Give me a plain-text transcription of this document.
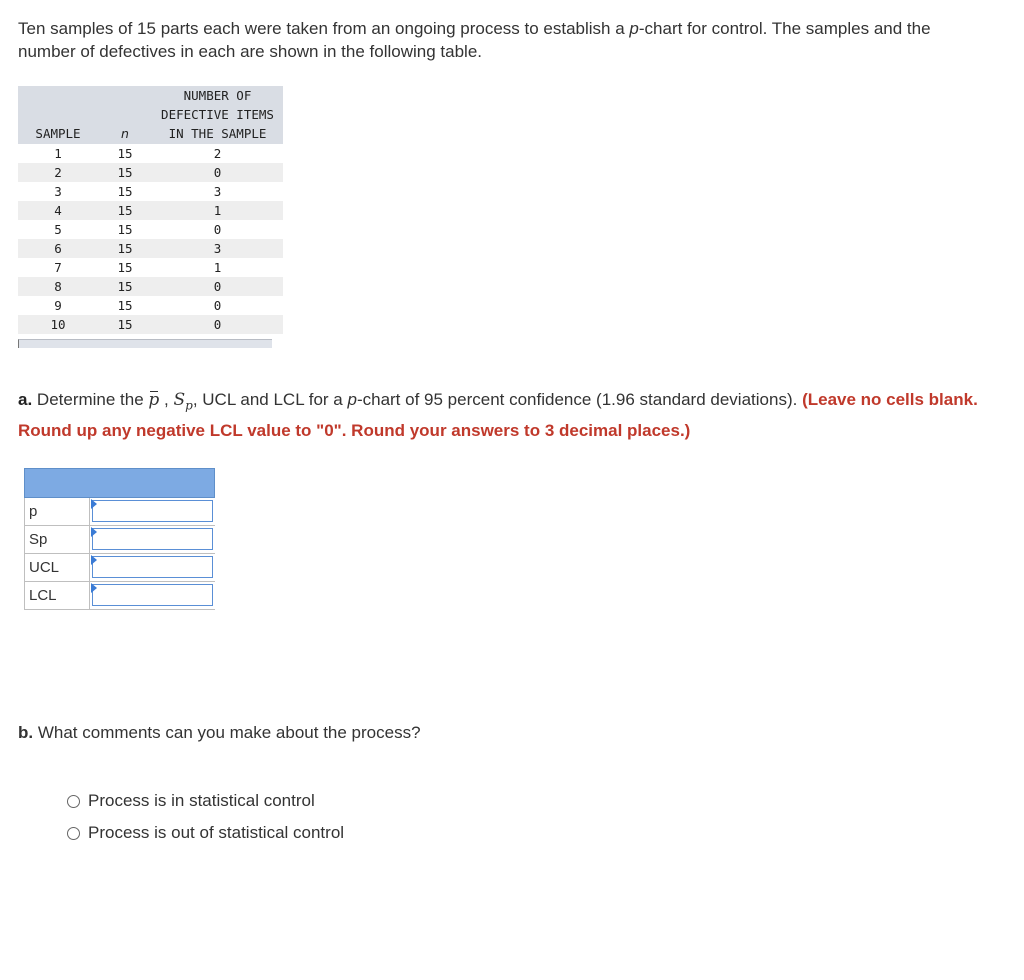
Ten samples of 15 parts each were taken from an ongoing process to establish a p-chart for control. The samples and the number of defectives in each are shown in the following table.
SAMPLE	n	NUMBER OF
DEFECTIVE ITEMS
IN THE SAMPLE

1	15	2
2	15	0
3	15	3
4	15	1
5	15	0
6	15	3
7	15	1
8	15	0
9	15	0
10	15	0
a. Determine the p , $S_p$, UCL and LCL for a p-chart of 95 percent confidence (1.96 standard deviations). (Leave no cells blank. Round up any negative LCL value to "0". Round your answers to 3 decimal places.)
p
Sp
UCL
LCL
b. What comments can you make about the process?
Process is in statistical control
Process is out of statistical control
